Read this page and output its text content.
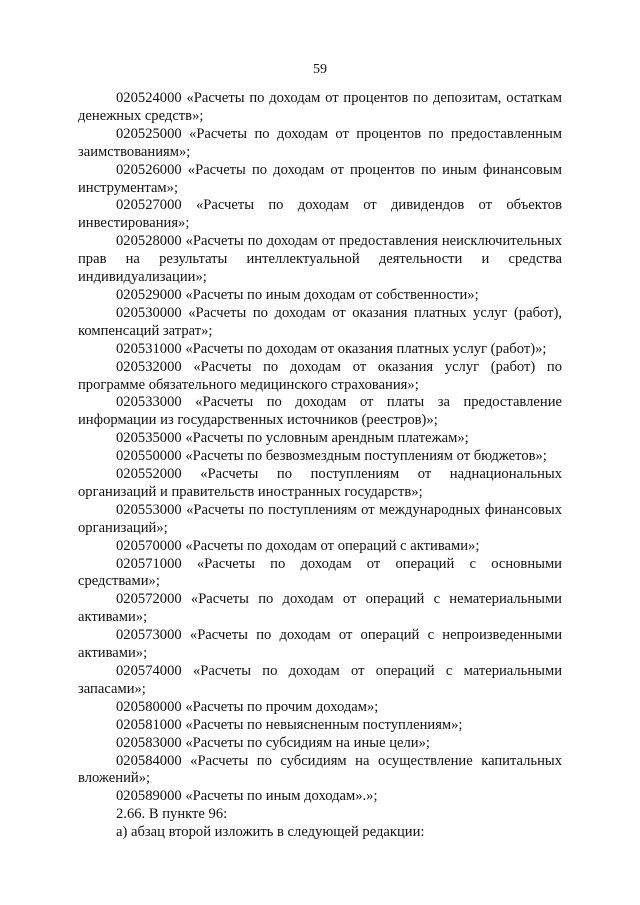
59

020524000 «Расчеты по доходам от процентов по депозитам, остаткам денежных средств»;

020525000 «Расчеты по доходам от процентов по предоставленным заимствованиям»;

020526000 «Расчеты по доходам от процентов по иным финансовым инструментам»;

020527000 «Расчеты по доходам от дивидендов от объектов инвестирования»;

020528000 «Расчеты по доходам от предоставления неисключительных прав на результаты интеллектуальной деятельности и средства индивидуализации»;

020529000 «Расчеты по иным доходам от собственности»;

020530000 «Расчеты по доходам от оказания платных услуг (работ), компенсаций затрат»;

020531000 «Расчеты по доходам от оказания платных услуг (работ)»;

020532000 «Расчеты по доходам от оказания услуг (работ) по программе обязательного медицинского страхования»;

020533000 «Расчеты по доходам от платы за предоставление информации из государственных источников (реестров)»;

020535000 «Расчеты по условным арендным платежам»;

020550000 «Расчеты по безвозмездным поступлениям от бюджетов»;

020552000 «Расчеты по поступлениям от наднациональных организаций и правительств иностранных государств»;

020553000 «Расчеты по поступлениям от международных финансовых организаций»;

020570000 «Расчеты по доходам от операций с активами»;

020571000 «Расчеты по доходам от операций с основными средствами»;

020572000 «Расчеты по доходам от операций с нематериальными активами»;

020573000 «Расчеты по доходам от операций с непроизведенными активами»;

020574000 «Расчеты по доходам от операций с материальными запасами»;

020580000 «Расчеты по прочим доходам»;

020581000 «Расчеты по невыясненным поступлениям»;

020583000 «Расчеты по субсидиям на иные цели»;

020584000 «Расчеты по субсидиям на осуществление капитальных вложений»;

020589000 «Расчеты по иным доходам».»;

2.66. В пункте 96:

а) абзац второй изложить в следующей редакции:
